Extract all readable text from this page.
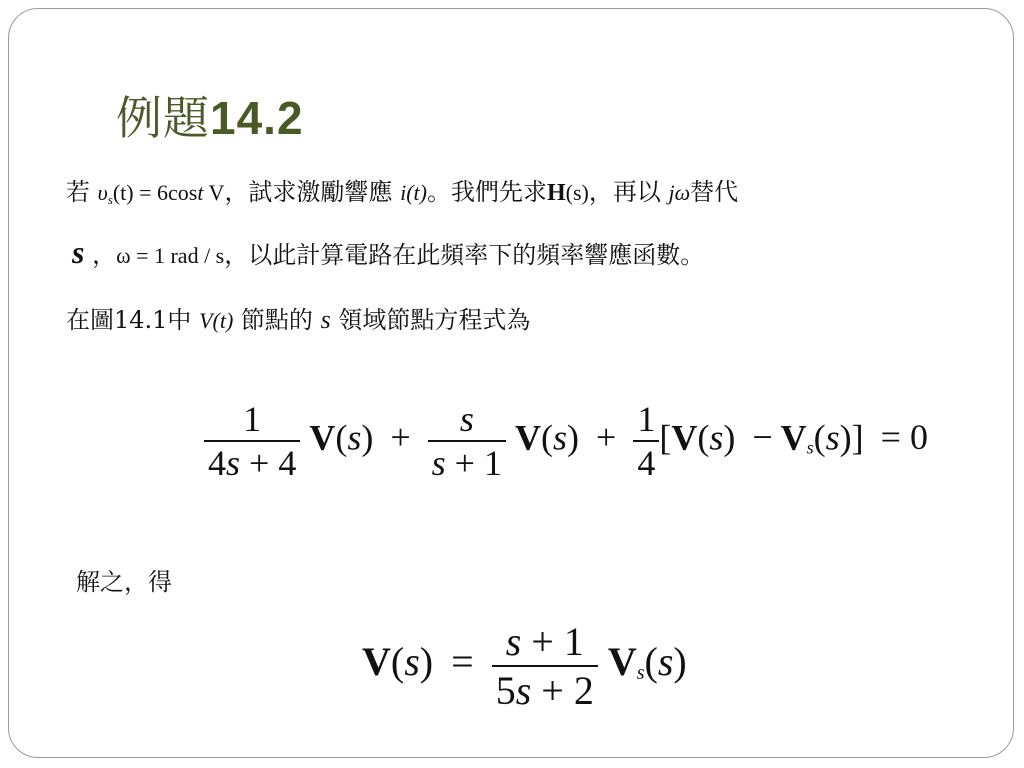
例題14.2
若 $\upsilon_s(t) = 6\cos t$ V，試求激勵響應 i(t)。我們先求H(s)，再以 jω替代
s ，ω = 1 rad / s，以此計算電路在此頻率下的頻率響應函數。
在圖14.1中 V(t) 節點的 s 領域節點方程式為
$\frac{1}{4s + 4} V(s) + \frac{s}{s + 1} V(s) + \frac{1}{4} [V(s) - V_s(s)] = 0$
解之，得
$V(s) = \frac{s + 1}{5s + 2} V_s(s)$
